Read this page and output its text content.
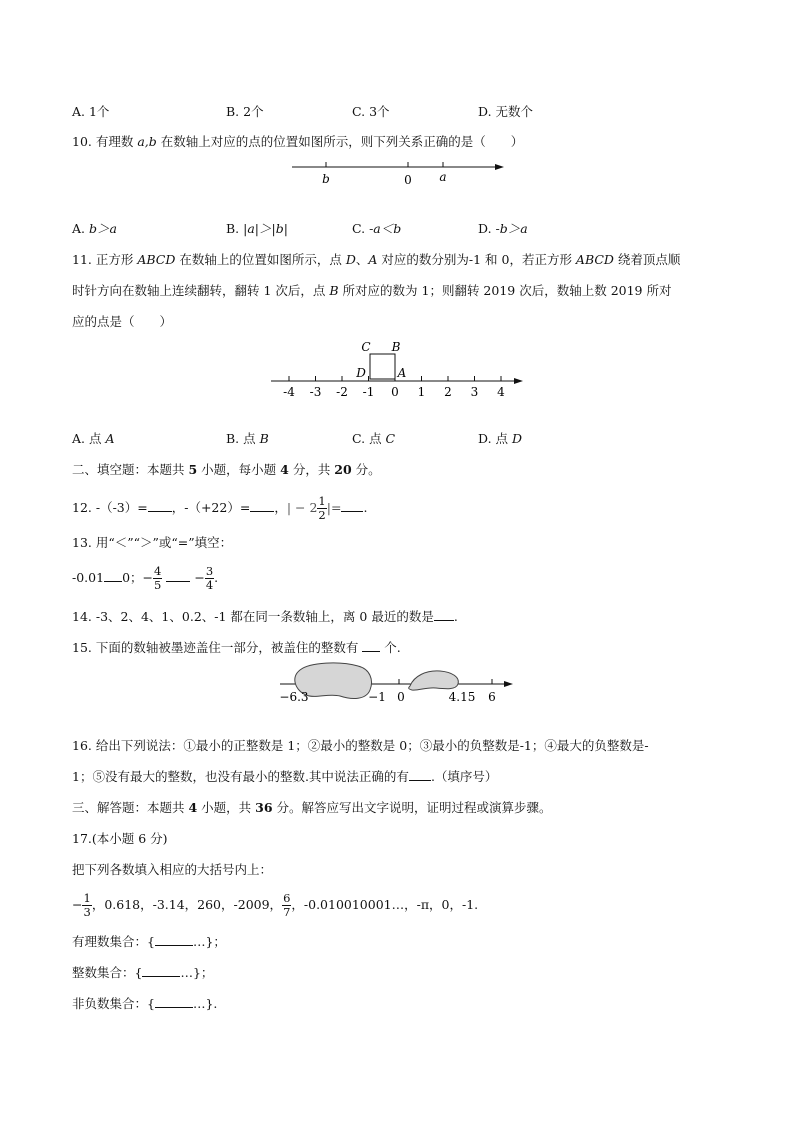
A. 1个	B. 2个	C. 3个	D. 无数个
10. 有理数 a,b 在数轴上对应的点的位置如图所示，则下列关系正确的是（　　）
b	0 a
A. b＞a	B. |a|＞|b|	C. -a＜b	D. -b＞a
11. 正方形 ABCD 在数轴上的位置如图所示，点 D、A 对应的数分别为-1 和 0，若正方形 ABCD 绕着顶点顺
时针方向在数轴上连续翻转，翻转 1 次后，点 B 所对应的数为 1；则翻转 2019 次后，数轴上数 2019 所对
应的点是（　　）
-4 -3 -2 -1 0 1 2 3 4
C B
D	A
A. 点 A	B. 点 B	C. 点 C	D. 点 D
二、填空题：本题共 5 小题，每小题 4 分，共 20 分。
12. -（-3）= ，-（+22）= ，| − $2 \frac{1}{2}$ |= .
13. 用“＜”“＞”或“=”填空：
-0.01 0；− $\frac{4}{5}$	− $\frac{3}{4}$ .
14. -3、2、4、1、0.2、-1 都在同一条数轴上，离 0 最近的数是 .
15. 下面的数轴被墨迹盖住一部分，被盖住的整数有  个.
−6.3	−1 0	4.15 6
16. 给出下列说法：①最小的正整数是 1；②最小的整数是 0；③最小的负整数是-1；④最大的负整数是-
1；⑤没有最大的整数，也没有最小的整数.其中说法正确的有 .（填序号）
三、解答题：本题共 4 小题，共 36 分。解答应写出文字说明，证明过程或演算步骤。
17.(本小题 6 分)
把下列各数填入相应的大括号内上：
− $\frac{1}{3}$ ，0.618，-3.14，260，-2009， $\frac{6}{7}$ ，-0.010010001…，-π，0，-1.
有理数集合：{	…}；
整数集合：{	…}；
非负数集合：{	…}.
